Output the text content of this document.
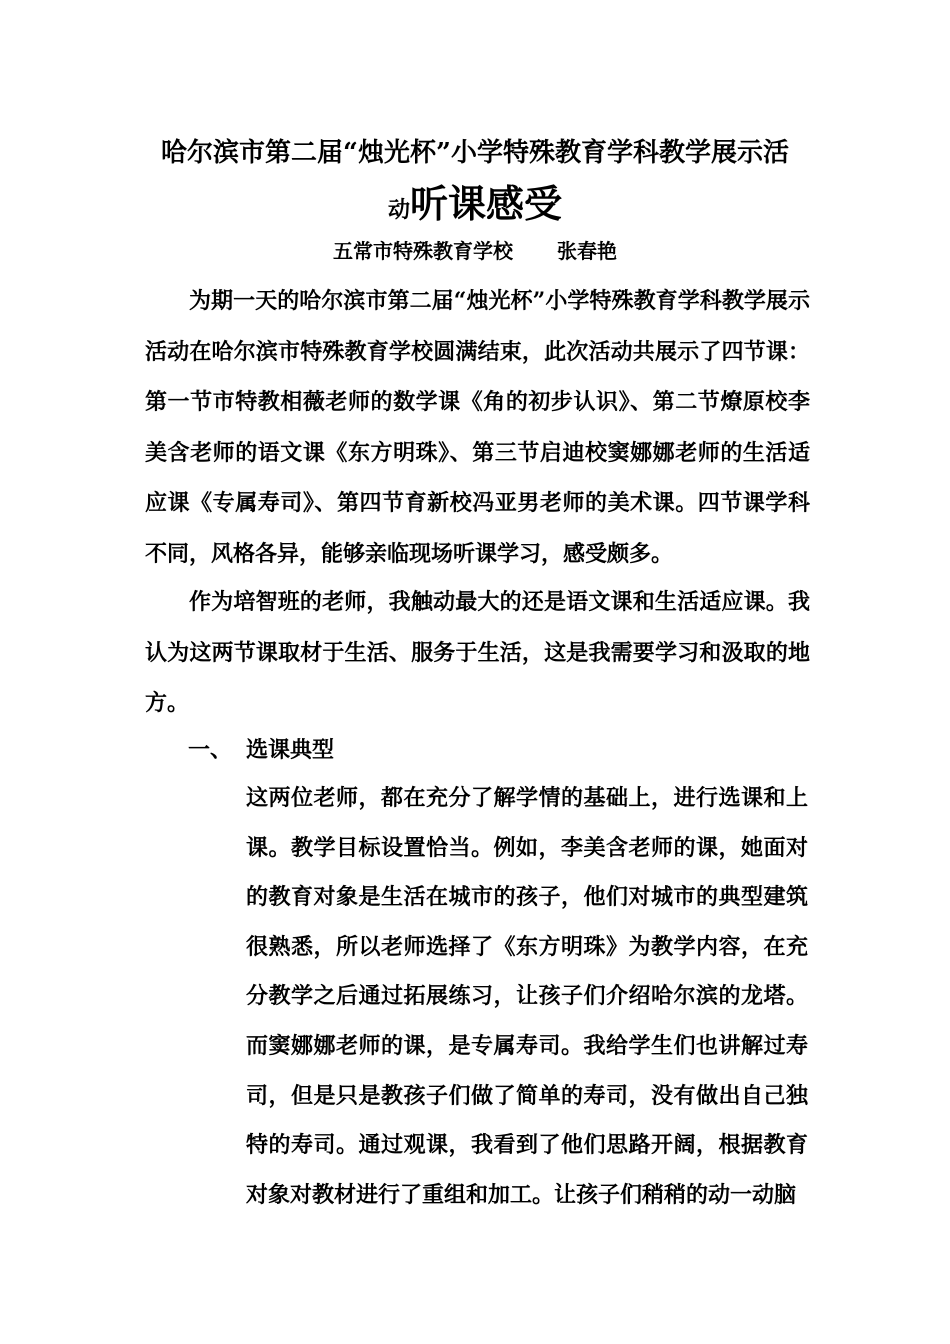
哈尔滨市第二届“烛光杯”小学特殊教育学科教学展示活
动听课感受
五常市特殊教育学校 张春艳

为期一天的哈尔滨市第二届“烛光杯”小学特殊教育学科教学展示活动在哈尔滨市特殊教育学校圆满结束，此次活动共展示了四节课：第一节市特教相薇老师的数学课《角的初步认识》、第二节燎原校李美含老师的语文课《东方明珠》、第三节启迪校窦娜娜老师的生活适应课《专属寿司》、第四节育新校冯亚男老师的美术课。四节课学科不同，风格各异，能够亲临现场听课学习，感受颇多。

作为培智班的老师，我触动最大的还是语文课和生活适应课。我认为这两节课取材于生活、服务于生活，这是我需要学习和汲取的地方。

一、 选课典型

这两位老师，都在充分了解学情的基础上，进行选课和上课。教学目标设置恰当。例如，李美含老师的课，她面对的教育对象是生活在城市的孩子，他们对城市的典型建筑很熟悉，所以老师选择了《东方明珠》为教学内容，在充分教学之后通过拓展练习，让孩子们介绍哈尔滨的龙塔。而窦娜娜老师的课，是专属寿司。我给学生们也讲解过寿司，但是只是教孩子们做了简单的寿司，没有做出自己独特的寿司。通过观课，我看到了他们思路开阔，根据教育对象对教材进行了重组和加工。让孩子们稍稍的动一动脑
